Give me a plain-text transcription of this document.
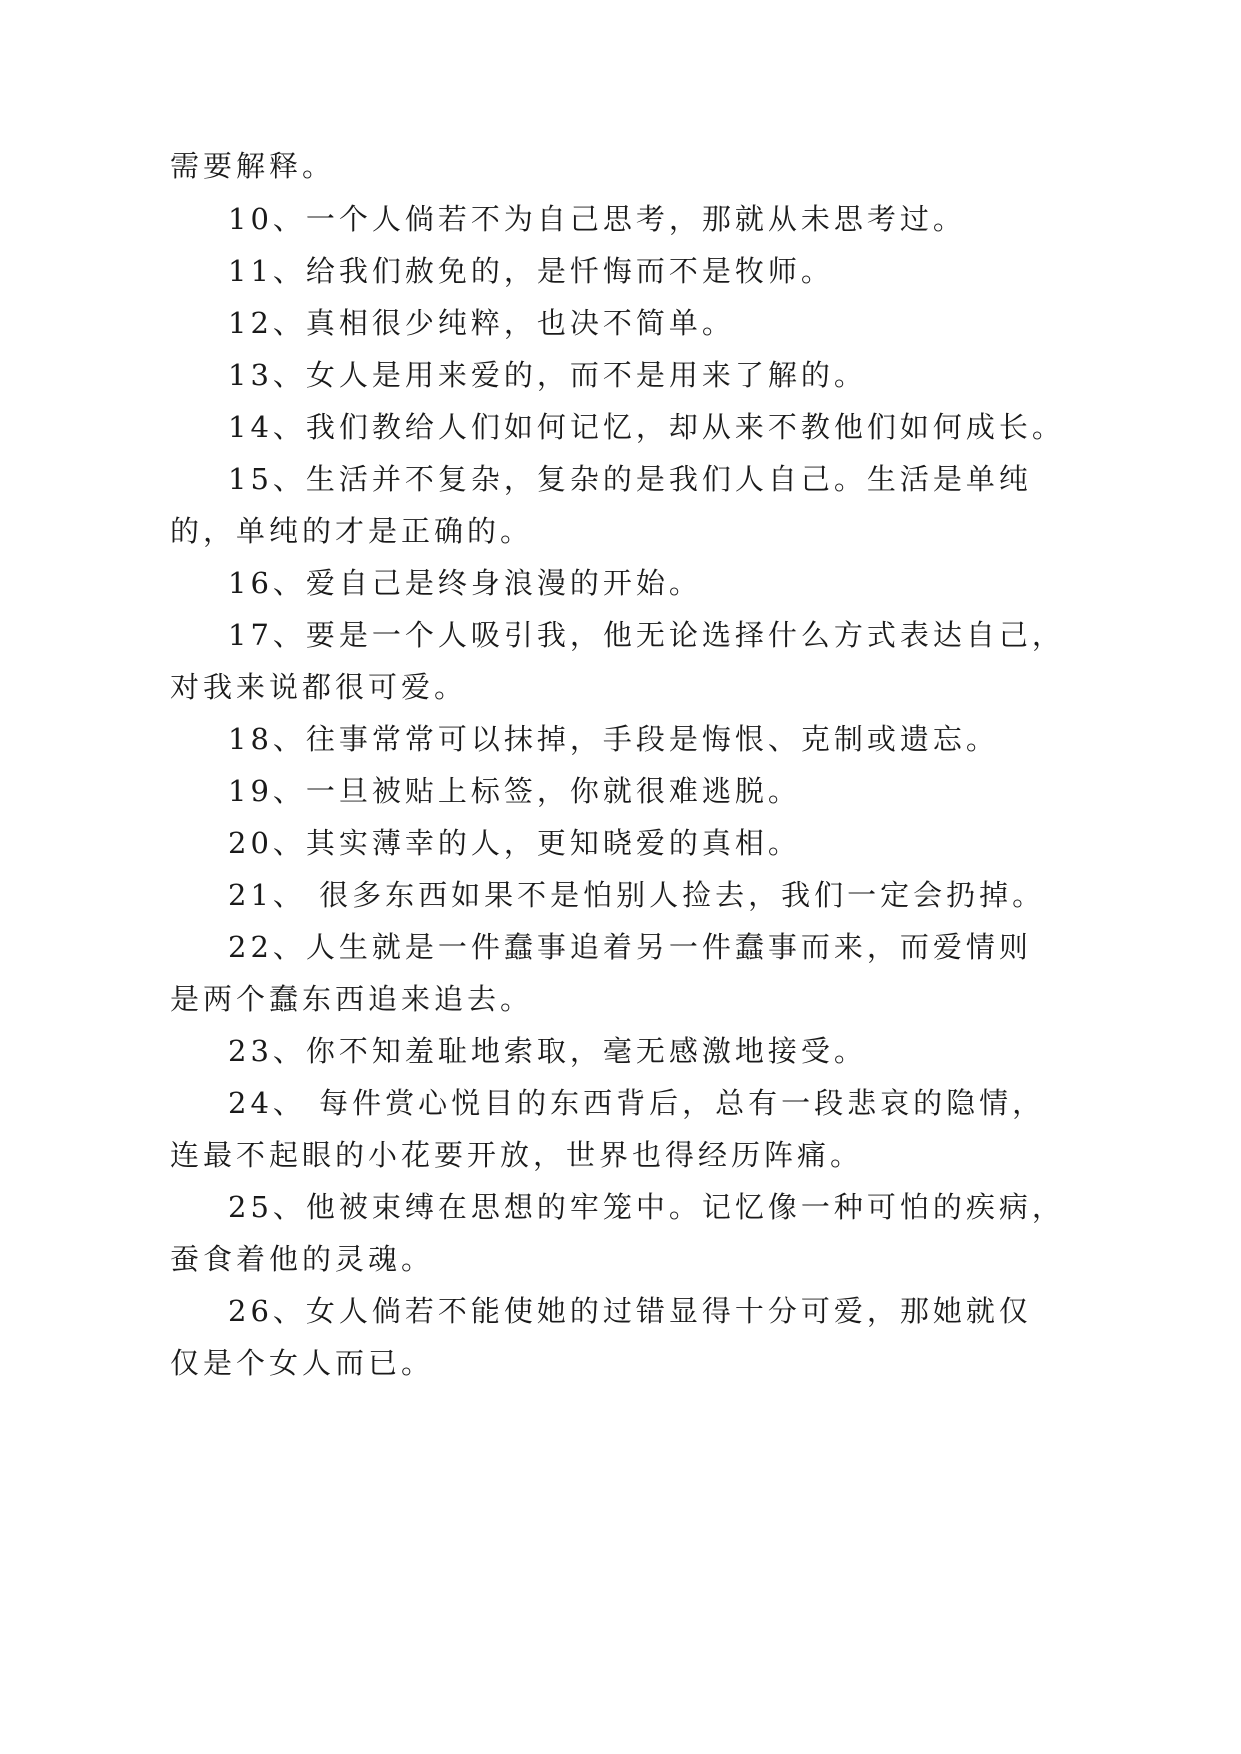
需要解释。
10、一个人倘若不为自己思考，那就从未思考过。
11、给我们赦免的，是忏悔而不是牧师。
12、真相很少纯粹，也决不简单。
13、女人是用来爱的，而不是用来了解的。
14、我们教给人们如何记忆，却从来不教他们如何成长。
15、生活并不复杂，复杂的是我们人自己。生活是单纯
的，单纯的才是正确的。
16、爱自己是终身浪漫的开始。
17、要是一个人吸引我，他无论选择什么方式表达自己，
对我来说都很可爱。
18、往事常常可以抹掉，手段是悔恨、克制或遗忘。
19、一旦被贴上标签，你就很难逃脱。
20、其实薄幸的人，更知晓爱的真相。
21、 很多东西如果不是怕别人捡去，我们一定会扔掉。
22、人生就是一件蠢事追着另一件蠢事而来，而爱情则
是两个蠢东西追来追去。
23、你不知羞耻地索取，毫无感激地接受。
24、 每件赏心悦目的东西背后，总有一段悲哀的隐情，
连最不起眼的小花要开放，世界也得经历阵痛。
25、他被束缚在思想的牢笼中。记忆像一种可怕的疾病，
蚕食着他的灵魂。
26、女人倘若不能使她的过错显得十分可爱，那她就仅
仅是个女人而已。
